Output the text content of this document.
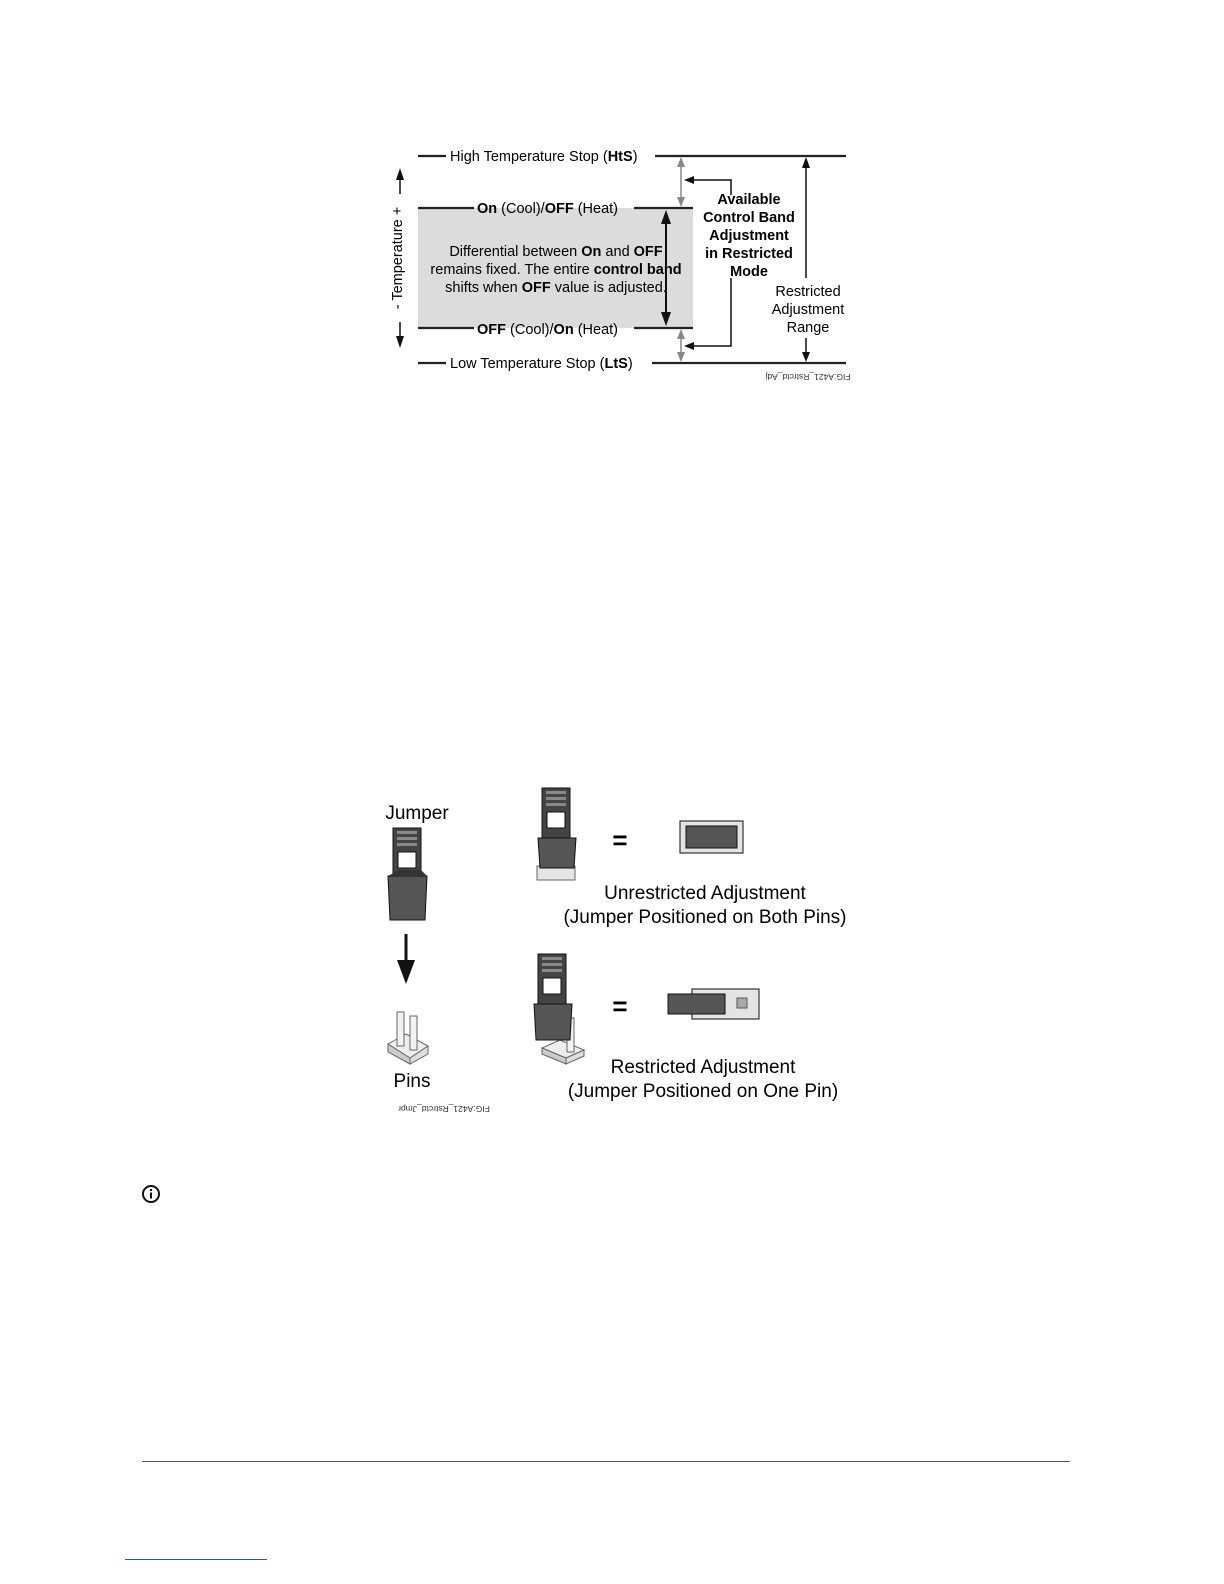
High Temperature Stop (HtS)
On (Cool)/OFF (Heat)
OFF (Cool)/On (Heat)
Low Temperature Stop (LtS)
Differential between On and OFF
remains fixed. The entire control band
shifts when OFF value is adjusted.
Available
Control Band
Adjustment
in Restricted
Mode
Restricted
Adjustment
Range
- Temperature +
FIG:A421_Rstrctd_Adj
Jumper
Pins
FIG:A421_Rstrctd_Jmpr
=
Unrestricted Adjustment
(Jumper Positioned on Both Pins)
=
Restricted Adjustment
(Jumper Positioned on One Pin)
